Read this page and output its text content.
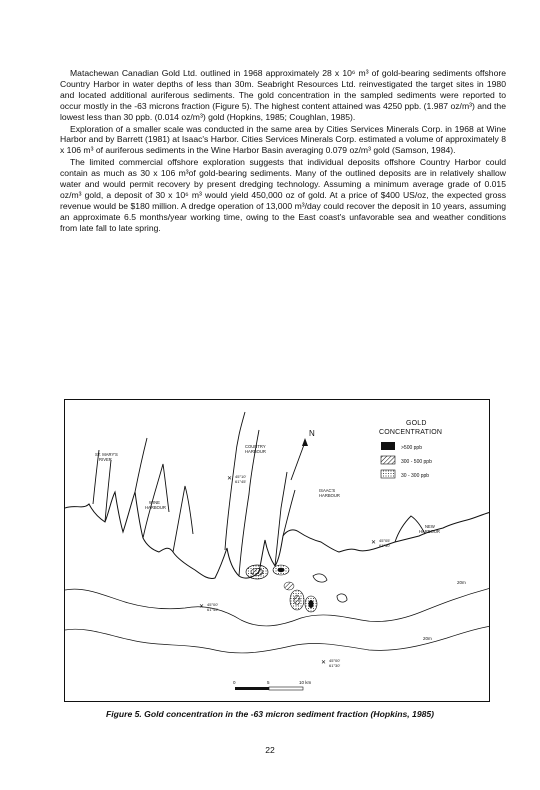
Matachewan Canadian Gold Ltd. outlined in 1968 approximately 28 x 10⁶ m³ of gold-bearing sediments offshore Country Harbor in water depths of less than 30m. Seabright Resources Ltd. reinvestigated the target sites in 1980 and located additional auriferous sediments. The gold concentration in the sampled sediments were reported to occur mostly in the -63 microns fraction (Figure 5). The highest content attained was 4250 ppb. (1.987 oz/m³) and the lowest less than 30 ppb. (0.014 oz/m³) gold (Hopkins, 1985; Coughlan, 1985).

Exploration of a smaller scale was conducted in the same area by Cities Services Minerals Corp. in 1968 at Wine Harbor and by Barrett (1981) at Isaac's Harbor. Cities Services Minerals Corp. estimated a volume of approximately 8 x 106 m³ of auriferous sediments in the Wine Harbor Basin averaging 0.079 oz/m³ gold (Samson, 1984).

The limited commercial offshore exploration suggests that individual deposits offshore Country Harbor could contain as much as 30 x 106 m³of gold-bearing sediments. Many of the outlined deposits are in relatively shallow water and would permit recovery by present dredging technology. Assuming a minimum average grade of 0.015 oz/m³ gold, a deposit of 30 x 10⁶ m³ would yield 450,000 oz of gold. At a price of $400 US/oz, the expected gross revenue would be $180 million. A dredge operation of 13,000 m³/day could recover the deposit in 10 years, assuming an approximate 6.5 months/year working time, owing to the East coast's unfavorable sea and weather conditions from late fall to late spring.

N
ST. MARY'S
RIVER
COUNTRY
HARBOUR
WINE
HARBOUR
ISAAC'S
HARBOUR
NEW
HARBOUR
✕ 45°10'
61°45'
✕ 45°05'
61°30'
✕ 45°00'
61°45'
✕ 45°00'
61°30'
20m
20m
GOLD
CONCENTRATION
>500 ppb
300 - 500 ppb
30 - 300 ppb
0	5	10 km
Figure 5. Gold concentration in the -63 micron sediment fraction (Hopkins, 1985)
22
